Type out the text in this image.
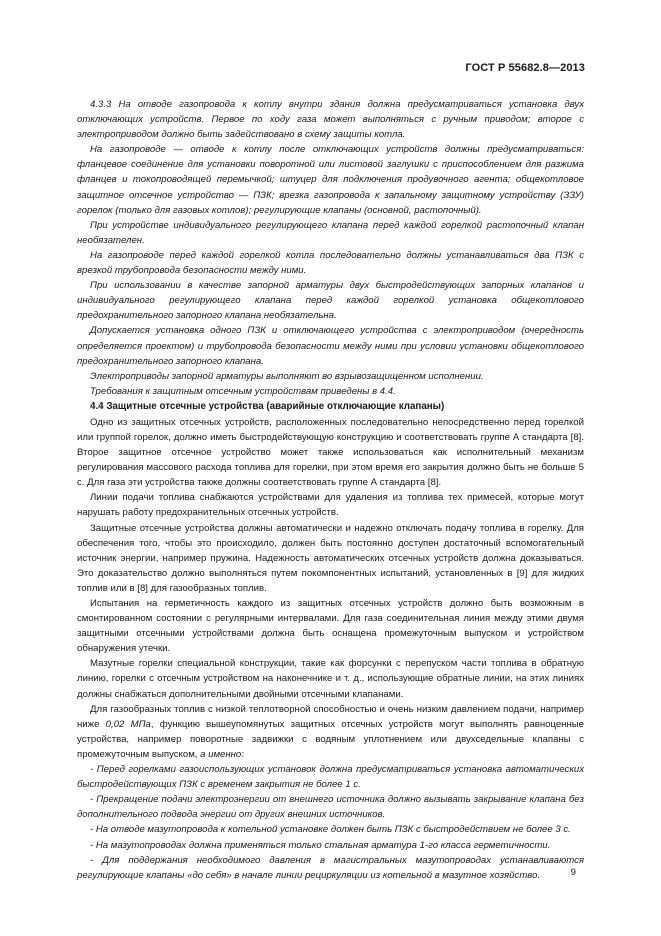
ГОСТ Р 55682.8—2013

4.3.3 На отводе газопровода к котлу внутри здания должна предусматриваться установка двух отключающих устройств. Первое по ходу газа может выполняться с ручным приводом; второе с электроприводом должно быть задействовано в схему защиты котла.

На газопроводе — отводе к котлу после отключающих устройств должны предусматриваться: фланцевое соединение для установки поворотной или листовой заглушки с приспособлением для разжима фланцев и токопроводящей перемычкой; штуцер для подключения продувочного агента; общекотловое защитное отсечное устройство — ПЗК; врезка газопровода к запальному защитному устройству (ЗЗУ) горелок (только для газовых котлов); регулирующие клапаны (основной, растопочный).

При устройстве индивидуального регулирующего клапана перед каждой горелкой растопочный клапан необязателен.

На газопроводе перед каждой горелкой котла последовательно должны устанавливаться два ПЗК с врезкой трубопровода безопасности между ними.

При использовании в качестве запорной арматуры двух быстродействующих запорных клапанов и индивидуального регулирующего клапана перед каждой горелкой установка общекотлового предохранительного запорного клапана необязательна.

Допускается установка одного ПЗК и отключающего устройства с электроприводом (очередность определяется проектом) и трубопровода безопасности между ними при условии установки общекотлового предохранительного запорного клапана.

Электроприводы запорной арматуры выполняют во взрывозащищенном исполнении.

Требования к защитным отсечным устройствам приведены в 4.4.

4.4 Защитные отсечные устройства (аварийные отключающие клапаны)

Одно из защитных отсечных устройств, расположенных последовательно непосредственно перед горелкой или группой горелок, должно иметь быстродействующую конструкцию и соответствовать группе А стандарта [8]. Второе защитное отсечное устройство может также использоваться как исполнительный механизм регулирования массового расхода топлива для горелки, при этом время его закрытия должно быть не больше 5 с. Для газа эти устройства также должны соответствовать группе А стандарта [8].

Линии подачи топлива снабжаются устройствами для удаления из топлива тех примесей, которые могут нарушать работу предохранительных отсечных устройств.

Защитные отсечные устройства должны автоматически и надежно отключать подачу топлива в горелку. Для обеспечения того, чтобы это происходило, должен быть постоянно доступен достаточный вспомогательный источник энергии, например пружина. Надежность автоматических отсечных устройств должна доказываться. Это доказательство должно выполняться путем покомпонентных испытаний, установленных в [9] для жидких топлив или в [8] для газообразных топлив.

Испытания на герметичность каждого из защитных отсечных устройств должно быть возможным в смонтированном состоянии с регулярными интервалами. Для газа соединительная линия между этими двумя защитными отсечными устройствами должна быть оснащена промежуточным выпуском и устройством обнаружения утечки.

Мазутные горелки специальной конструкции, такие как форсунки с перепуском части топлива в обратную линию, горелки с отсечным устройством на наконечнике и т. д., использующие обратные линии, на этих линиях должны снабжаться дополнительными двойными отсечными клапанами.

Для газообразных топлив с низкой теплотворной способностью и очень низким давлением подачи, например ниже 0,02 МПа, функцию вышеупомянутых защитных отсечных устройств могут выполнять равноценные устройства, например поворотные задвижки с водяным уплотнением или двухседельные клапаны с промежуточным выпуском, а именно:

- Перед горелками газоиспользующих установок должна предусматриваться установка автоматических быстродействующих ПЗК с временем закрытия не более 1 с.

- Прекращение подачи электроэнергии от внешнего источника должно вызывать закрывание клапана без дополнительного подвода энергии от других внешних источников.

- На отводе мазутопровода к котельной установке должен быть ПЗК с быстродействием не более 3 с.

- На мазутопроводах должна применяться только стальная арматура 1-го класса герметичности.

- Для поддержания необходимого давления в магистральных мазутопроводах устанавливаются регулирующие клапаны «до себя» в начале линии рециркуляции из котельной в мазутное хозяйство.	9
